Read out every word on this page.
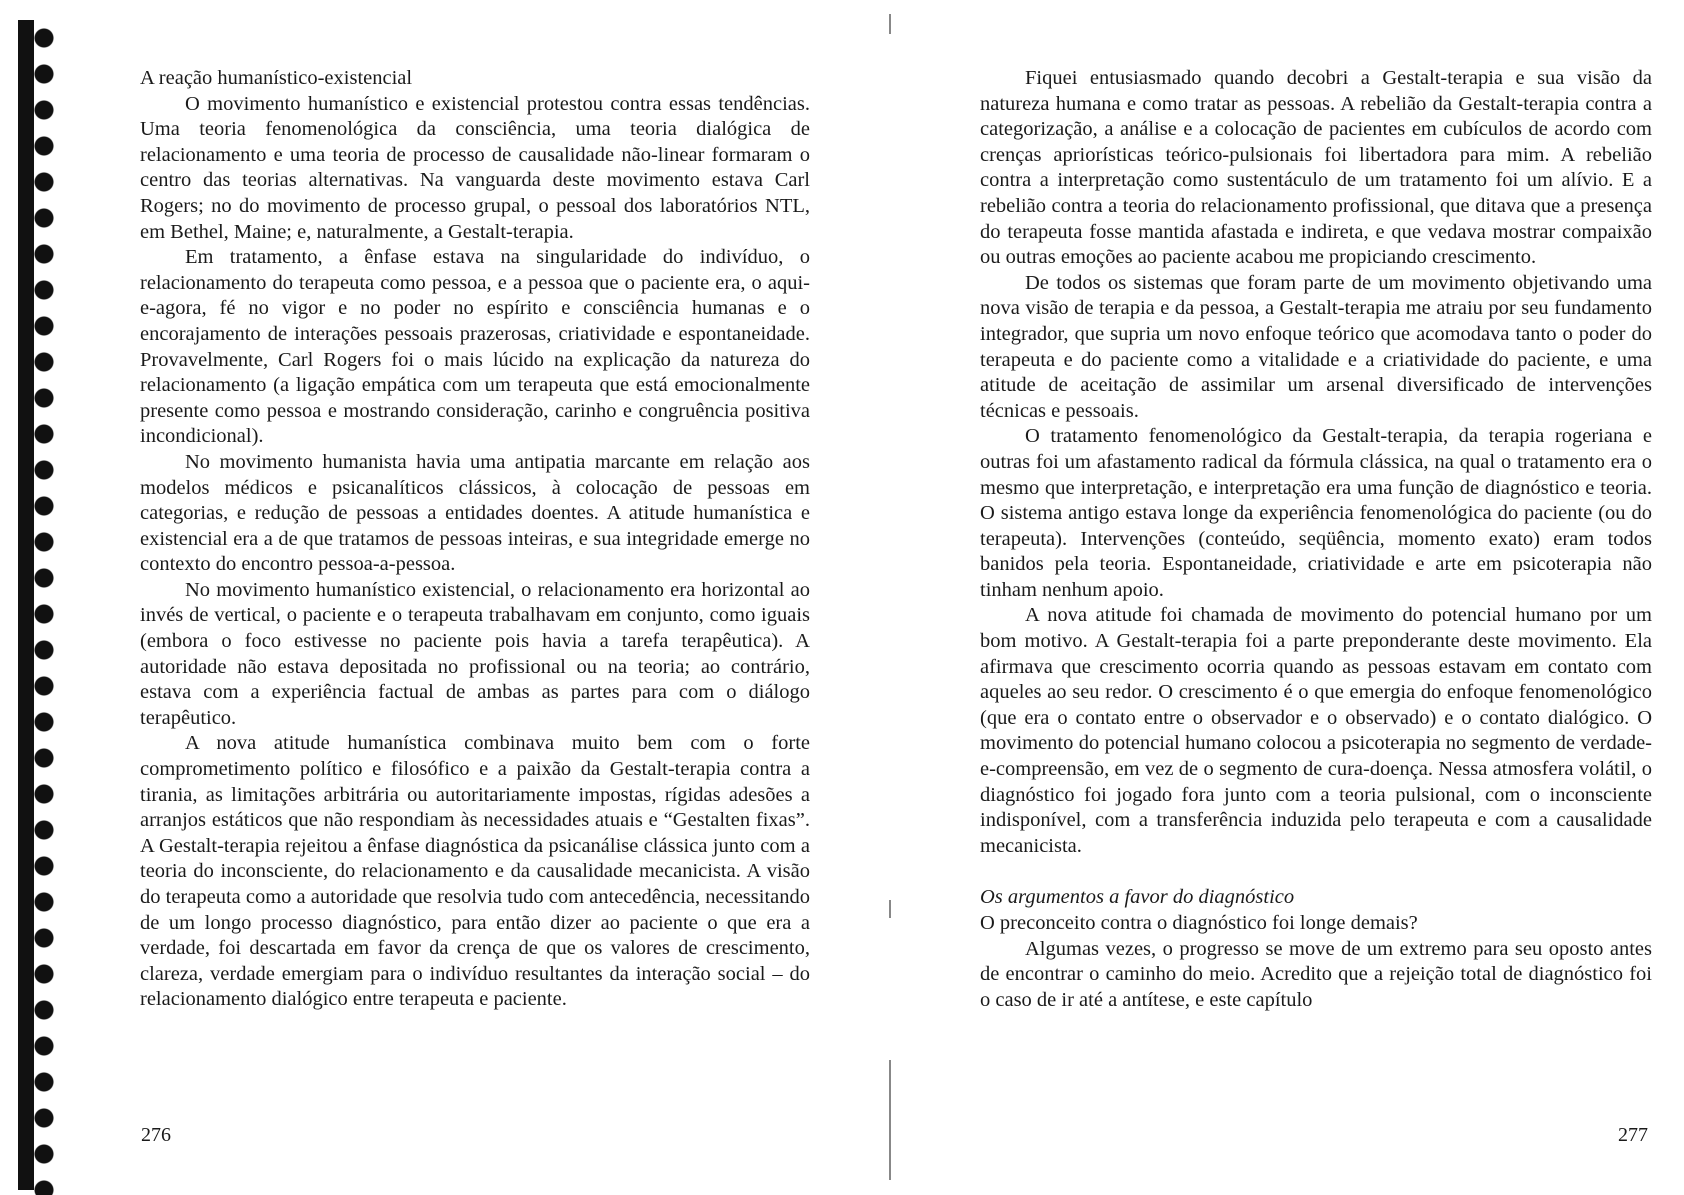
A reação humanístico-existencial

O movimento humanístico e existencial protestou contra essas tendências. Uma teoria fenomenológica da consciência, uma teoria dialógica de relacionamento e uma teoria de processo de causalidade não-linear formaram o centro das teorias alternativas. Na vanguarda deste movimento estava Carl Rogers; no do movimento de processo grupal, o pessoal dos laboratórios NTL, em Bethel, Maine; e, naturalmente, a Gestalt-terapia.

Em tratamento, a ênfase estava na singularidade do indivíduo, o relacionamento do terapeuta como pessoa, e a pessoa que o paciente era, o aqui-e-agora, fé no vigor e no poder no espírito e consciência humanas e o encorajamento de interações pessoais prazerosas, criatividade e espontaneidade. Provavelmente, Carl Rogers foi o mais lúcido na explicação da natureza do relacionamento (a ligação empática com um terapeuta que está emocionalmente presente como pessoa e mostrando consideração, carinho e congruência positiva incondicional).

No movimento humanista havia uma antipatia marcante em relação aos modelos médicos e psicanalíticos clássicos, à colocação de pessoas em categorias, e redução de pessoas a entidades doentes. A atitude humanística e existencial era a de que tratamos de pessoas inteiras, e sua integridade emerge no contexto do encontro pessoa-a-pessoa.

No movimento humanístico existencial, o relacionamento era horizontal ao invés de vertical, o paciente e o terapeuta trabalhavam em conjunto, como iguais (embora o foco estivesse no paciente pois havia a tarefa terapêutica). A autoridade não estava depositada no profissional ou na teoria; ao contrário, estava com a experiência factual de ambas as partes para com o diálogo terapêutico.

A nova atitude humanística combinava muito bem com o forte comprometimento político e filosófico e a paixão da Gestalt-terapia contra a tirania, as limitações arbitrária ou autoritariamente impostas, rígidas adesões a arranjos estáticos que não respondiam às necessidades atuais e “Gestalten fixas”. A Gestalt-terapia rejeitou a ênfase diagnóstica da psicanálise clássica junto com a teoria do inconsciente, do relacionamento e da causalidade mecanicista. A visão do terapeuta como a autoridade que resolvia tudo com antecedência, necessitando de um longo processo diagnóstico, para então dizer ao paciente o que era a verdade, foi descartada em favor da crença de que os valores de crescimento, clareza, verdade emergiam para o indivíduo resultantes da interação social – do relacionamento dialógico entre terapeuta e paciente.

276

Fiquei entusiasmado quando decobri a Gestalt-terapia e sua visão da natureza humana e como tratar as pessoas. A rebelião da Gestalt-terapia contra a categorização, a análise e a colocação de pacientes em cubículos de acordo com crenças apriorísticas teórico-pulsionais foi libertadora para mim. A rebelião contra a interpretação como sustentáculo de um tratamento foi um alívio. E a rebelião contra a teoria do relacionamento profissional, que ditava que a presença do terapeuta fosse mantida afastada e indireta, e que vedava mostrar compaixão ou outras emoções ao paciente acabou me propiciando crescimento.

De todos os sistemas que foram parte de um movimento objetivando uma nova visão de terapia e da pessoa, a Gestalt-terapia me atraiu por seu fundamento integrador, que supria um novo enfoque teórico que acomodava tanto o poder do terapeuta e do paciente como a vitalidade e a criatividade do paciente, e uma atitude de aceitação de assimilar um arsenal diversificado de intervenções técnicas e pessoais.

O tratamento fenomenológico da Gestalt-terapia, da terapia rogeriana e outras foi um afastamento radical da fórmula clássica, na qual o tratamento era o mesmo que interpretação, e interpretação era uma função de diagnóstico e teoria. O sistema antigo estava longe da experiência fenomenológica do paciente (ou do terapeuta). Intervenções (conteúdo, seqüência, momento exato) eram todos banidos pela teoria. Espontaneidade, criatividade e arte em psicoterapia não tinham nenhum apoio.

A nova atitude foi chamada de movimento do potencial humano por um bom motivo. A Gestalt-terapia foi a parte preponderante deste movimento. Ela afirmava que crescimento ocorria quando as pessoas estavam em contato com aqueles ao seu redor. O crescimento é o que emergia do enfoque fenomenológico (que era o contato entre o observador e o observado) e o contato dialógico. O movimento do potencial humano colocou a psicoterapia no segmento de verdade-e-compreensão, em vez de o segmento de cura-doença. Nessa atmosfera volátil, o diagnóstico foi jogado fora junto com a teoria pulsional, com o inconsciente indisponível, com a transferência induzida pelo terapeuta e com a causalidade mecanicista.

Os argumentos a favor do diagnóstico

O preconceito contra o diagnóstico foi longe demais?

Algumas vezes, o progresso se move de um extremo para seu oposto antes de encontrar o caminho do meio. Acredito que a rejeição total de diagnóstico foi o caso de ir até a antítese, e este capítulo

277
